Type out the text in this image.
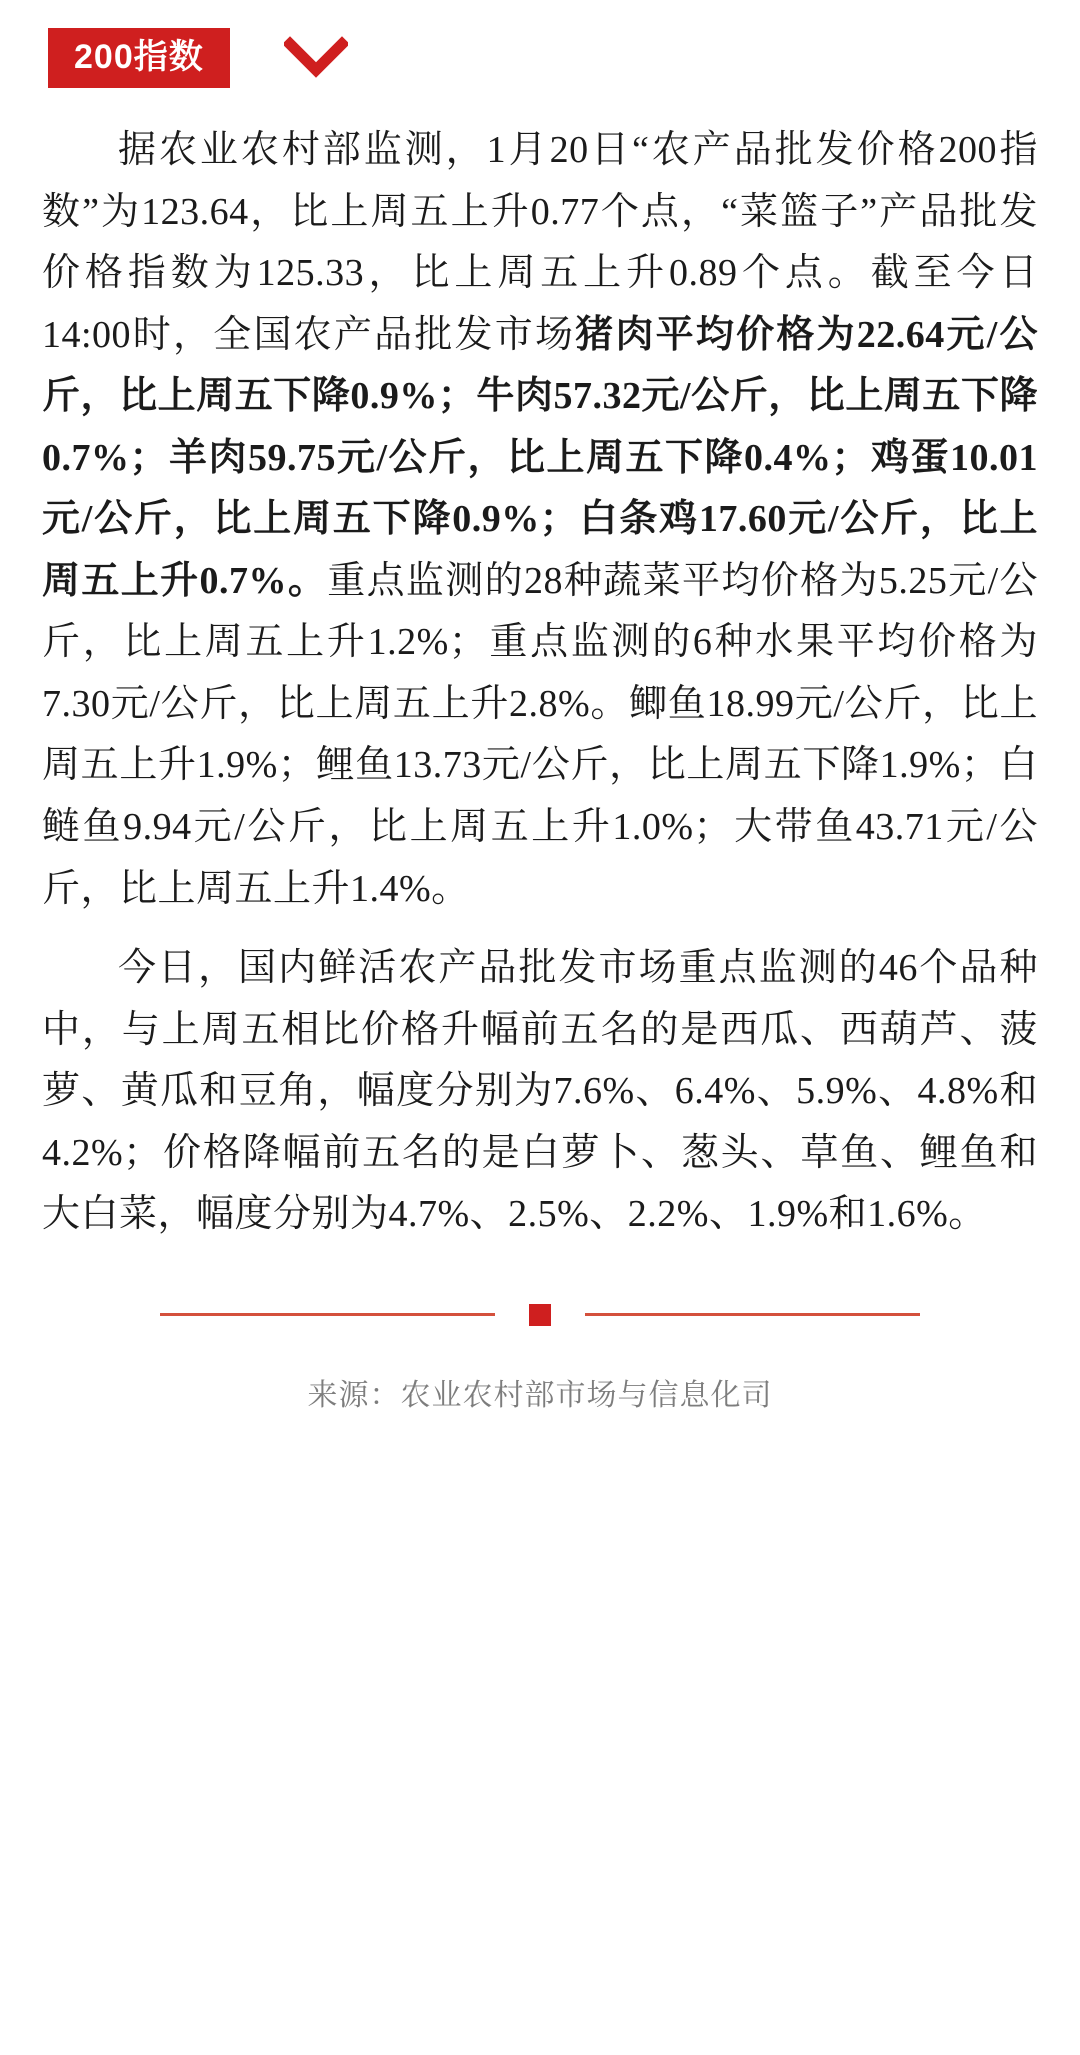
200指数

据农业农村部监测，1月20日“农产品批发价格200指数”为123.64，比上周五上升0.77个点，“菜篮子”产品批发价格指数为125.33，比上周五上升0.89个点。截至今日14:00时，全国农产品批发市场猪肉平均价格为22.64元/公斤，比上周五下降0.9%；牛肉57.32元/公斤，比上周五下降0.7%；羊肉59.75元/公斤，比上周五下降0.4%；鸡蛋10.01元/公斤，比上周五下降0.9%；白条鸡17.60元/公斤，比上周五上升0.7%。重点监测的28种蔬菜平均价格为5.25元/公斤，比上周五上升1.2%；重点监测的6种水果平均价格为7.30元/公斤，比上周五上升2.8%。鲫鱼18.99元/公斤，比上周五上升1.9%；鲤鱼13.73元/公斤，比上周五下降1.9%；白鲢鱼9.94元/公斤，比上周五上升1.0%；大带鱼43.71元/公斤，比上周五上升1.4%。

今日，国内鲜活农产品批发市场重点监测的46个品种中，与上周五相比价格升幅前五名的是西瓜、西葫芦、菠萝、黄瓜和豆角，幅度分别为7.6%、6.4%、5.9%、4.8%和4.2%；价格降幅前五名的是白萝卜、葱头、草鱼、鲤鱼和大白菜，幅度分别为4.7%、2.5%、2.2%、1.9%和1.6%。

来源：农业农村部市场与信息化司
